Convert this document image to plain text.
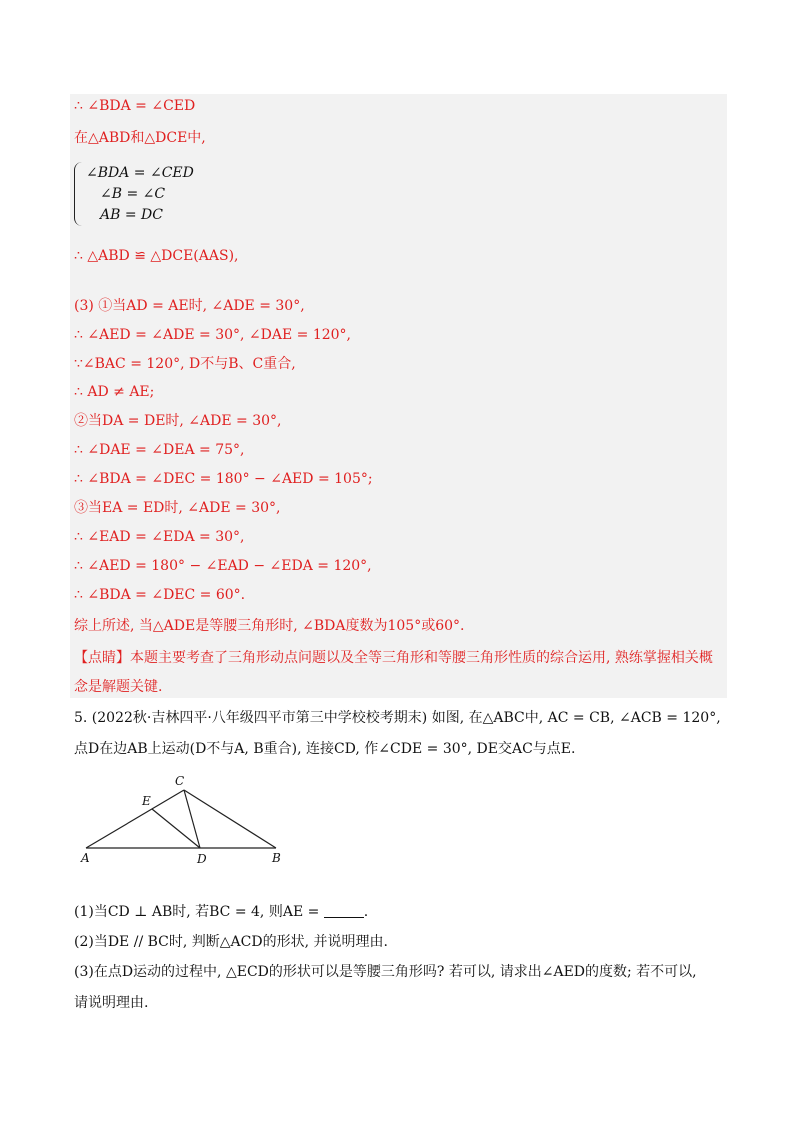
∴ ∠BDA = ∠CED
在△ABD和△DCE中,
∠BDA = ∠CED
∠B = ∠C
AB = DC
∴ △ABD ≌ △DCE(AAS),
(3) ①当AD = AE时, ∠ADE = 30°,
∴ ∠AED = ∠ADE = 30°, ∠DAE = 120°,
∵∠BAC = 120°, D不与B、C重合,
∴ AD ≠ AE;
②当DA = DE时, ∠ADE = 30°,
∴ ∠DAE = ∠DEA = 75°,
∴ ∠BDA = ∠DEC = 180° − ∠AED = 105°;
③当EA = ED时, ∠ADE = 30°,
∴ ∠EAD = ∠EDA = 30°,
∴ ∠AED = 180° − ∠EAD − ∠EDA = 120°,
∴ ∠BDA = ∠DEC = 60°.
综上所述, 当△ADE是等腰三角形时, ∠BDA度数为105°或60°.
【点睛】本题主要考查了三角形动点问题以及全等三角形和等腰三角形性质的综合运用, 熟练掌握相关概
念是解题关键.
5. (2022秋·吉林四平·八年级四平市第三中学校校考期末) 如图, 在△ABC中, AC = CB, ∠ACB = 120°,
点D在边AB上运动(D不与A, B重合), 连接CD, 作∠CDE = 30°, DE交AC与点E.
A	B
C
D
E
(1)当CD ⊥ AB时, 若BC = 4, 则AE =	.
(2)当DE // BC时, 判断△ACD的形状, 并说明理由.
(3)在点D运动的过程中, △ECD的形状可以是等腰三角形吗? 若可以, 请求出∠AED的度数; 若不可以,
请说明理由.
